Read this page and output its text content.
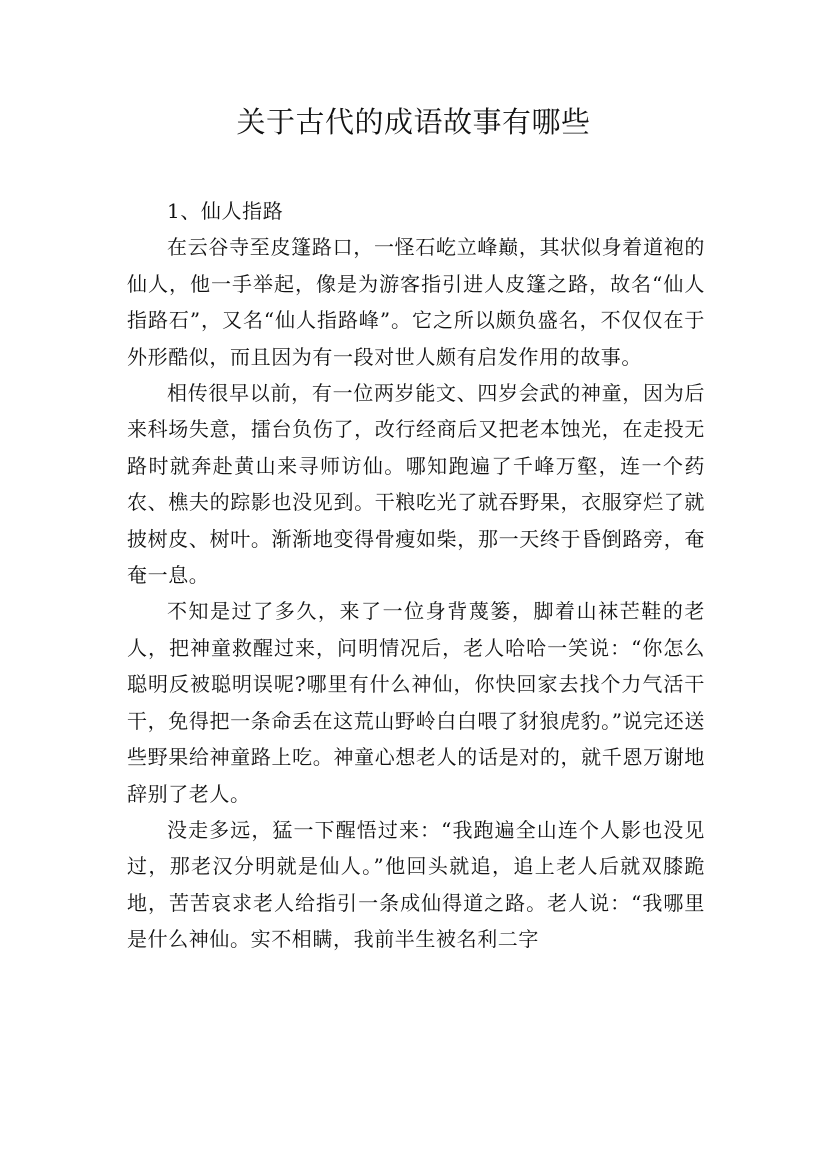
关于古代的成语故事有哪些

1、仙人指路

在云谷寺至皮篷路口，一怪石屹立峰巅，其状似身着道袍的仙人，他一手举起，像是为游客指引进人皮篷之路，故名“仙人指路石”，又名“仙人指路峰”。它之所以颇负盛名，不仅仅在于外形酷似，而且因为有一段对世人颇有启发作用的故事。

相传很早以前，有一位两岁能文、四岁会武的神童，因为后来科场失意，擂台负伤了，改行经商后又把老本蚀光，在走投无路时就奔赴黄山来寻师访仙。哪知跑遍了千峰万壑，连一个药农、樵夫的踪影也没见到。干粮吃光了就吞野果，衣服穿烂了就披树皮、树叶。渐渐地变得骨瘦如柴，那一天终于昏倒路旁，奄奄一息。

不知是过了多久，来了一位身背蔑篓，脚着山袜芒鞋的老人，把神童救醒过来，问明情况后，老人哈哈一笑说：“你怎么聪明反被聪明误呢?哪里有什么神仙，你快回家去找个力气活干干，免得把一条命丢在这荒山野岭白白喂了豺狼虎豹。”说完还送些野果给神童路上吃。神童心想老人的话是对的，就千恩万谢地辞别了老人。

没走多远，猛一下醒悟过来：“我跑遍全山连个人影也没见过，那老汉分明就是仙人。”他回头就追，追上老人后就双膝跪地，苦苦哀求老人给指引一条成仙得道之路。老人说：“我哪里是什么神仙。实不相瞒，我前半生被名利二字
